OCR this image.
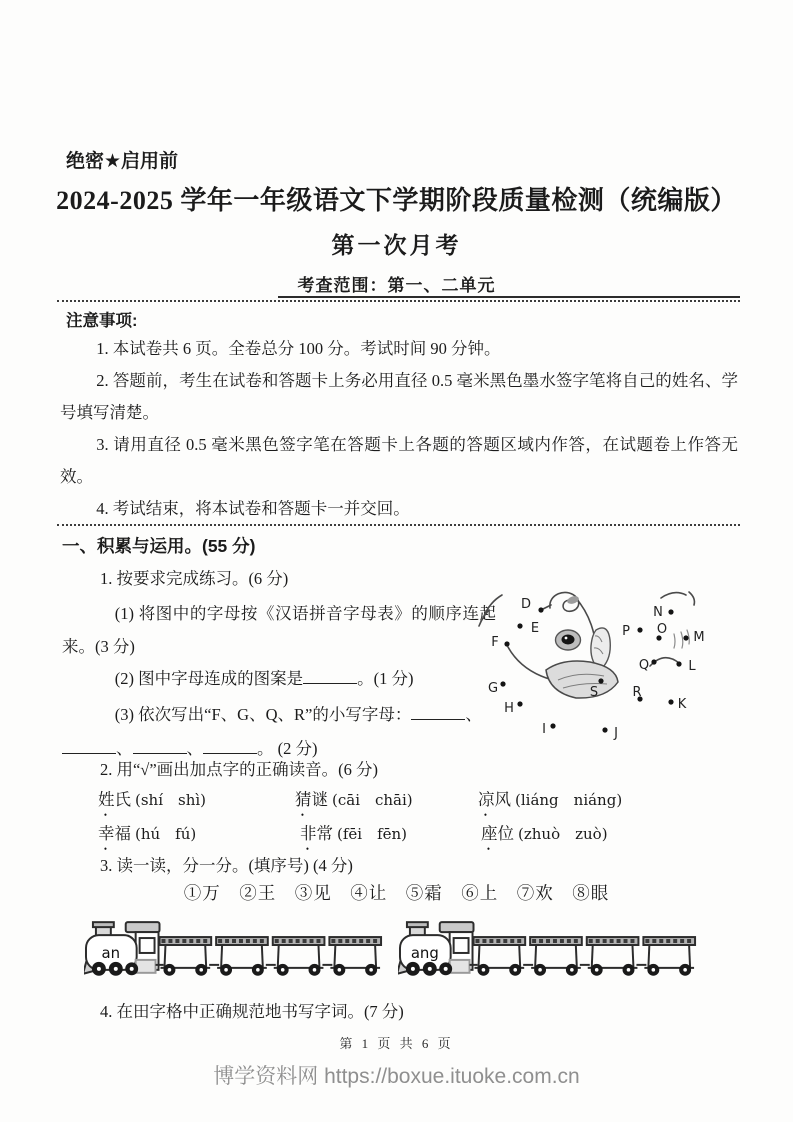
绝密★启用前
2024-2025 学年一年级语文下学期阶段质量检测（统编版）
第一次月考
考查范围：第一、二单元
注意事项:

1. 本试卷共 6 页。全卷总分 100 分。考试时间 90 分钟。

2. 答题前，考生在试卷和答题卡上务必用直径 0.5 毫米黑色墨水签字笔将自己的姓名、学号填写清楚。

3. 请用直径 0.5 毫米黑色签字笔在答题卡上各题的答题区域内作答，在试题卷上作答无效。

4. 考试结束，将本试卷和答题卡一并交回。

一、积累与运用。(55 分)

1. 按要求完成练习。(6 分)

(1) 将图中的字母按《汉语拼音字母表》的顺序连起来。(3 分)

(2) 图中字母连成的图案是	。(1 分)

(3) 依次写出“F、G、Q、R”的小写字母：	、、	、	。 (2 分)

D
E
F
G
H
I	J
K
L
M
N
O
P
Q
R
S

2. 用“√”画出加点字的正确读音。(6 分)

姓氏 (shí　shì)	猜谜 (cāi　chāi)	凉风 (liáng　niáng)
幸福 (hú　fú)	非常 (fēi　fēn)	座位 (zhuò　zuò)

3. 读一读，分一分。(填序号) (4 分)

①万　②王　③见　④让　⑤霜　⑥上　⑦欢　⑧眼
an	ang

4. 在田字格中正确规范地书写字词。(7 分)

第 1 页 共 6 页
博学资料网 https://boxue.ituoke.com.cn
